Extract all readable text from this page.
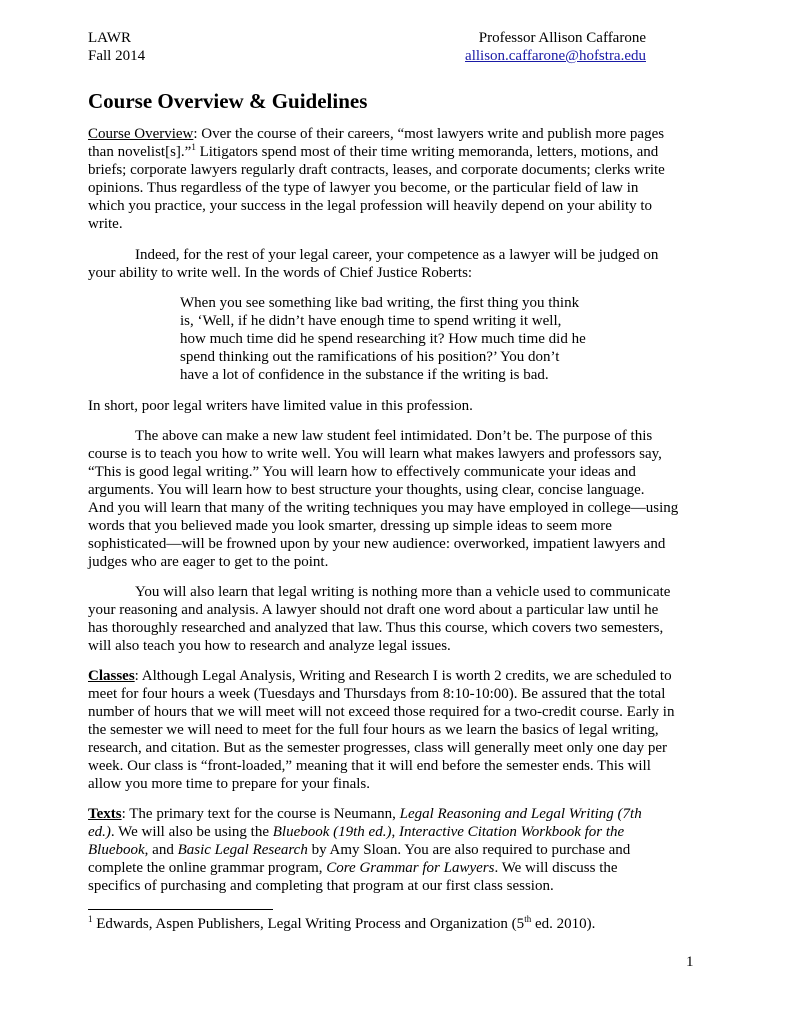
LAWR
Fall 2014
Professor Allison Caffarone
allison.caffarone@hofstra.edu
Course Overview & Guidelines
Course Overview: Over the course of their careers, “most lawyers write and publish more pages
than novelist[s].”$^1$ Litigators spend most of their time writing memoranda, letters, motions, and
briefs; corporate lawyers regularly draft contracts, leases, and corporate documents; clerks write
opinions. Thus regardless of the type of lawyer you become, or the particular field of law in
which you practice, your success in the legal profession will heavily depend on your ability to
write.
Indeed, for the rest of your legal career, your competence as a lawyer will be judged on
your ability to write well. In the words of Chief Justice Roberts:
When you see something like bad writing, the first thing you think
is, ‘Well, if he didn’t have enough time to spend writing it well,
how much time did he spend researching it? How much time did he
spend thinking out the ramifications of his position?’ You don’t
have a lot of confidence in the substance if the writing is bad.
In short, poor legal writers have limited value in this profession.
The above can make a new law student feel intimidated. Don’t be. The purpose of this
course is to teach you how to write well. You will learn what makes lawyers and professors say,
“This is good legal writing.” You will learn how to effectively communicate your ideas and
arguments. You will learn how to best structure your thoughts, using clear, concise language.
And you will learn that many of the writing techniques you may have employed in college—using
words that you believed made you look smarter, dressing up simple ideas to seem more
sophisticated—will be frowned upon by your new audience: overworked, impatient lawyers and
judges who are eager to get to the point.
You will also learn that legal writing is nothing more than a vehicle used to communicate
your reasoning and analysis. A lawyer should not draft one word about a particular law until he
has thoroughly researched and analyzed that law. Thus this course, which covers two semesters,
will also teach you how to research and analyze legal issues.
Classes: Although Legal Analysis, Writing and Research I is worth 2 credits, we are scheduled to
meet for four hours a week (Tuesdays and Thursdays from 8:10-10:00). Be assured that the total
number of hours that we will meet will not exceed those required for a two-credit course. Early in
the semester we will need to meet for the full four hours as we learn the basics of legal writing,
research, and citation. But as the semester progresses, class will generally meet only one day per
week. Our class is “front-loaded,” meaning that it will end before the semester ends. This will
allow you more time to prepare for your finals.
Texts: The primary text for the course is Neumann, Legal Reasoning and Legal Writing (7th
ed.). We will also be using the Bluebook (19th ed.), Interactive Citation Workbook for the
Bluebook, and Basic Legal Research by Amy Sloan. You are also required to purchase and
complete the online grammar program, Core Grammar for Lawyers. We will discuss the
specifics of purchasing and completing that program at our first class session.
$^1$ Edwards, Aspen Publishers, Legal Writing Process and Organization (5th ed. 2010).
1
